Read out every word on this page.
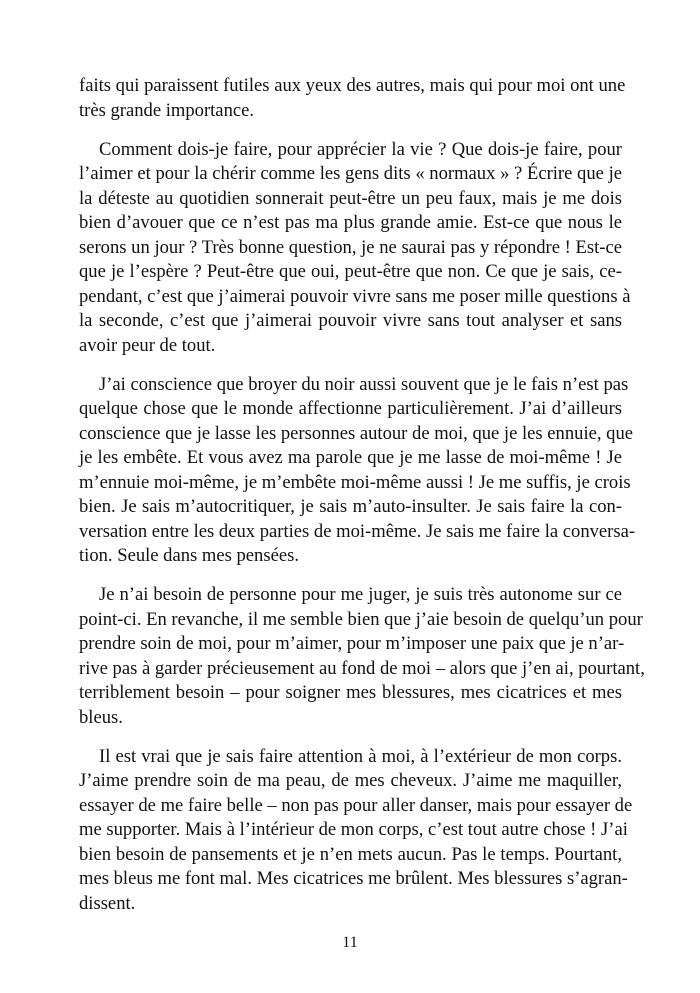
faits qui paraissent futiles aux yeux des autres, mais qui pour moi ont une
très grande importance.
Comment dois-je faire, pour apprécier la vie ? Que dois-je faire, pour
l’aimer et pour la chérir comme les gens dits « normaux » ? Écrire que je
la déteste au quotidien sonnerait peut-être un peu faux, mais je me dois
bien d’avouer que ce n’est pas ma plus grande amie. Est-ce que nous le
serons un jour ? Très bonne question, je ne saurai pas y répondre ! Est-ce
que je l’espère ? Peut-être que oui, peut-être que non. Ce que je sais, ce-
pendant, c’est que j’aimerai pouvoir vivre sans me poser mille questions à
la seconde, c’est que j’aimerai pouvoir vivre sans tout analyser et sans
avoir peur de tout.
J’ai conscience que broyer du noir aussi souvent que je le fais n’est pas
quelque chose que le monde affectionne particulièrement. J’ai d’ailleurs
conscience que je lasse les personnes autour de moi, que je les ennuie, que
je les embête. Et vous avez ma parole que je me lasse de moi-même ! Je
m’ennuie moi-même, je m’embête moi-même aussi ! Je me suffis, je crois
bien. Je sais m’autocritiquer, je sais m’auto-insulter. Je sais faire la con-
versation entre les deux parties de moi-même. Je sais me faire la conversa-
tion. Seule dans mes pensées.
Je n’ai besoin de personne pour me juger, je suis très autonome sur ce
point-ci. En revanche, il me semble bien que j’aie besoin de quelqu’un pour
prendre soin de moi, pour m’aimer, pour m’imposer une paix que je n’ar-
rive pas à garder précieusement au fond de moi – alors que j’en ai, pourtant,
terriblement besoin – pour soigner mes blessures, mes cicatrices et mes
bleus.
Il est vrai que je sais faire attention à moi, à l’extérieur de mon corps.
J’aime prendre soin de ma peau, de mes cheveux. J’aime me maquiller,
essayer de me faire belle – non pas pour aller danser, mais pour essayer de
me supporter. Mais à l’intérieur de mon corps, c’est tout autre chose ! J’ai
bien besoin de pansements et je n’en mets aucun. Pas le temps. Pourtant,
mes bleus me font mal. Mes cicatrices me brûlent. Mes blessures s’agran-
dissent.
11
